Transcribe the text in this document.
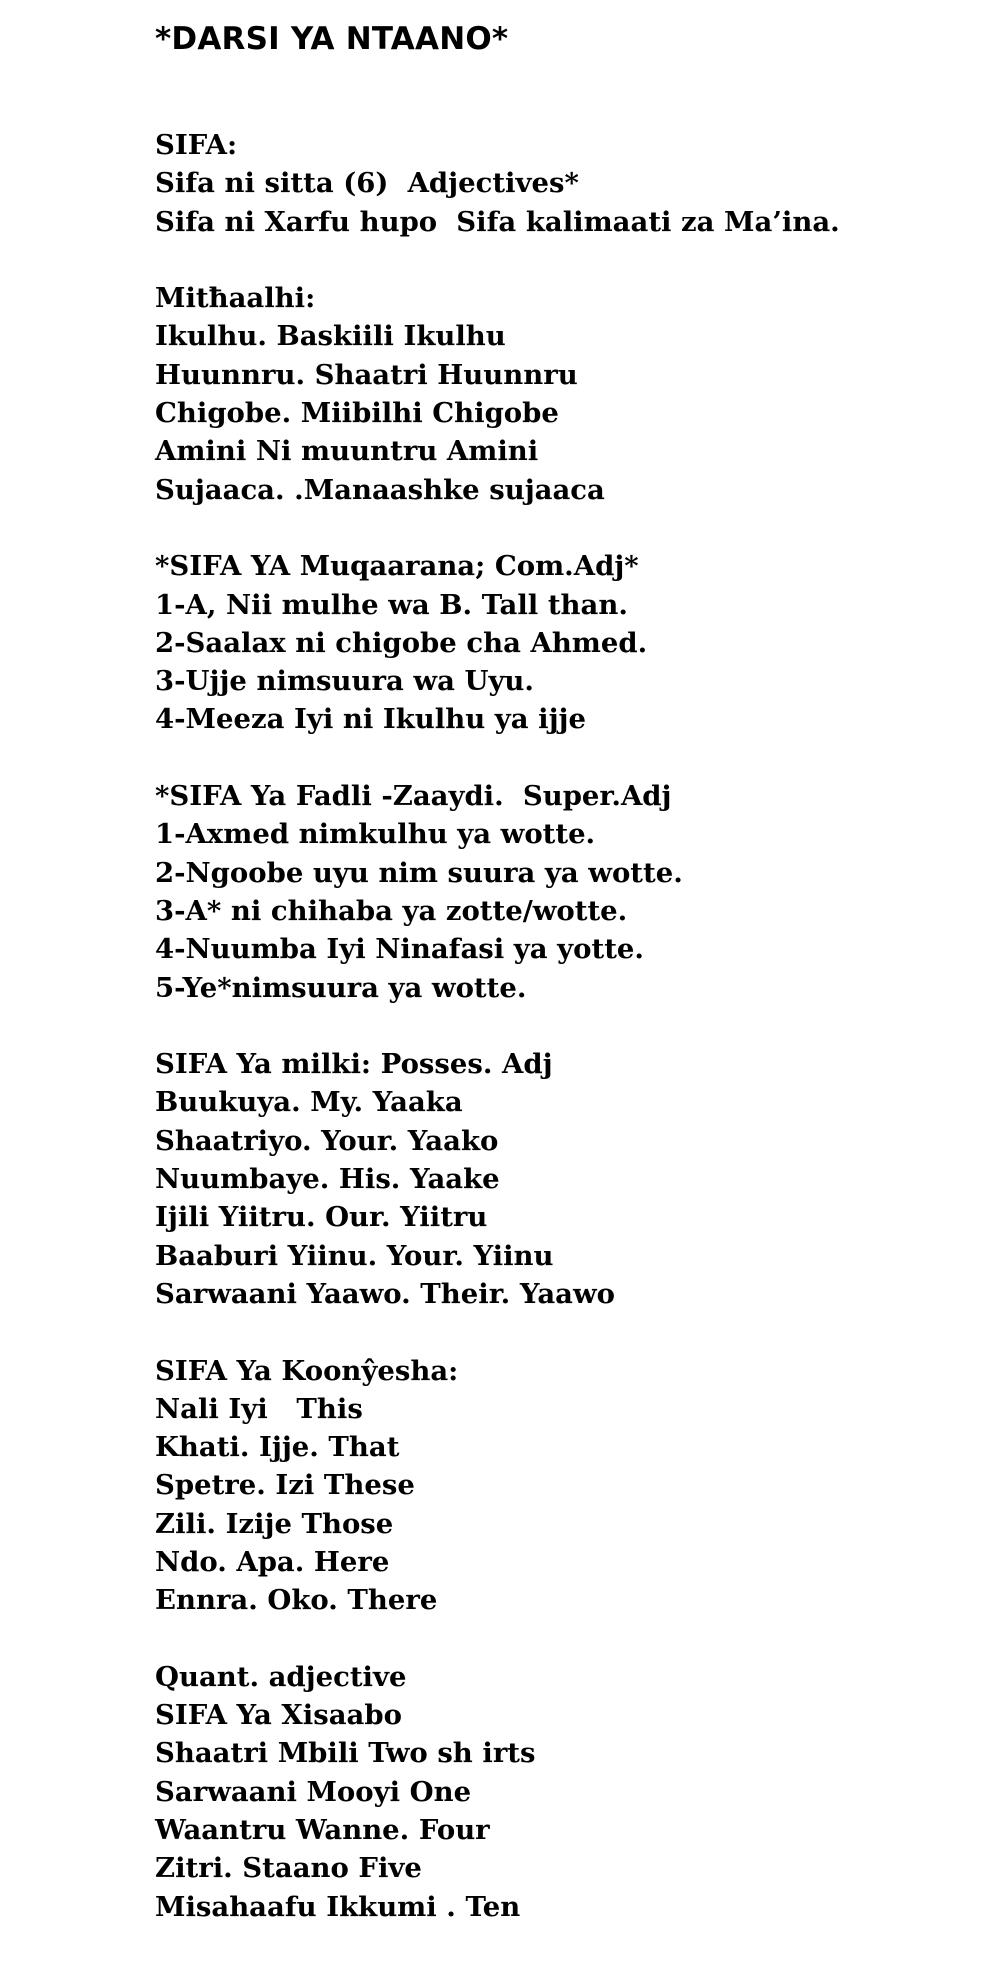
*DARSI YA NTAANO*
SIFA:
Sifa ni sitta (6)  Adjectives*
Sifa ni Xarfu hupo  Sifa kalimaati za Ma’ina.
Mitħaalhi:
Ikulhu. Baskiili Ikulhu
Huunnru. Shaatri Huunnru
Chigobe. Miibilhi Chigobe
Amini Ni muuntru Amini
Sujaaca. .Manaashke sujaaca
*SIFA YA Muqaarana; Com.Adj*
1-A, Nii mulhe wa B. Tall than.
2-Saalax ni chigobe cha Ahmed.
3-Ujje nimsuura wa Uyu.
4-Meeza Iyi ni Ikulhu ya ijje
*SIFA Ya Fadli -Zaaydi.  Super.Adj
1-Axmed nimkulhu ya wotte.
2-Ngoobe uyu nim suura ya wotte.
3-A* ni chihaba ya zotte/wotte.
4-Nuumba Iyi Ninafasi ya yotte.
5-Ye*nimsuura ya wotte.
SIFA Ya milki: Posses. Adj
Buukuya. My. Yaaka
Shaatriyo. Your. Yaako
Nuumbaye. His. Yaake
Ijili Yiitru. Our. Yiitru
Baaburi Yiinu. Your. Yiinu
Sarwaani Yaawo. Their. Yaawo
SIFA Ya Koonŷesha:
Nali Iyi   This
Khati. Ijje. That
Spetre. Izi These
Zili. Izije Those
Ndo. Apa. Here
Ennra. Oko. There
Quant. adjective
SIFA Ya Xisaabo
Shaatri Mbili Two sh irts
Sarwaani Mooyi One
Waantru Wanne. Four
Zitri. Staano Five
Misahaafu Ikkumi . Ten
